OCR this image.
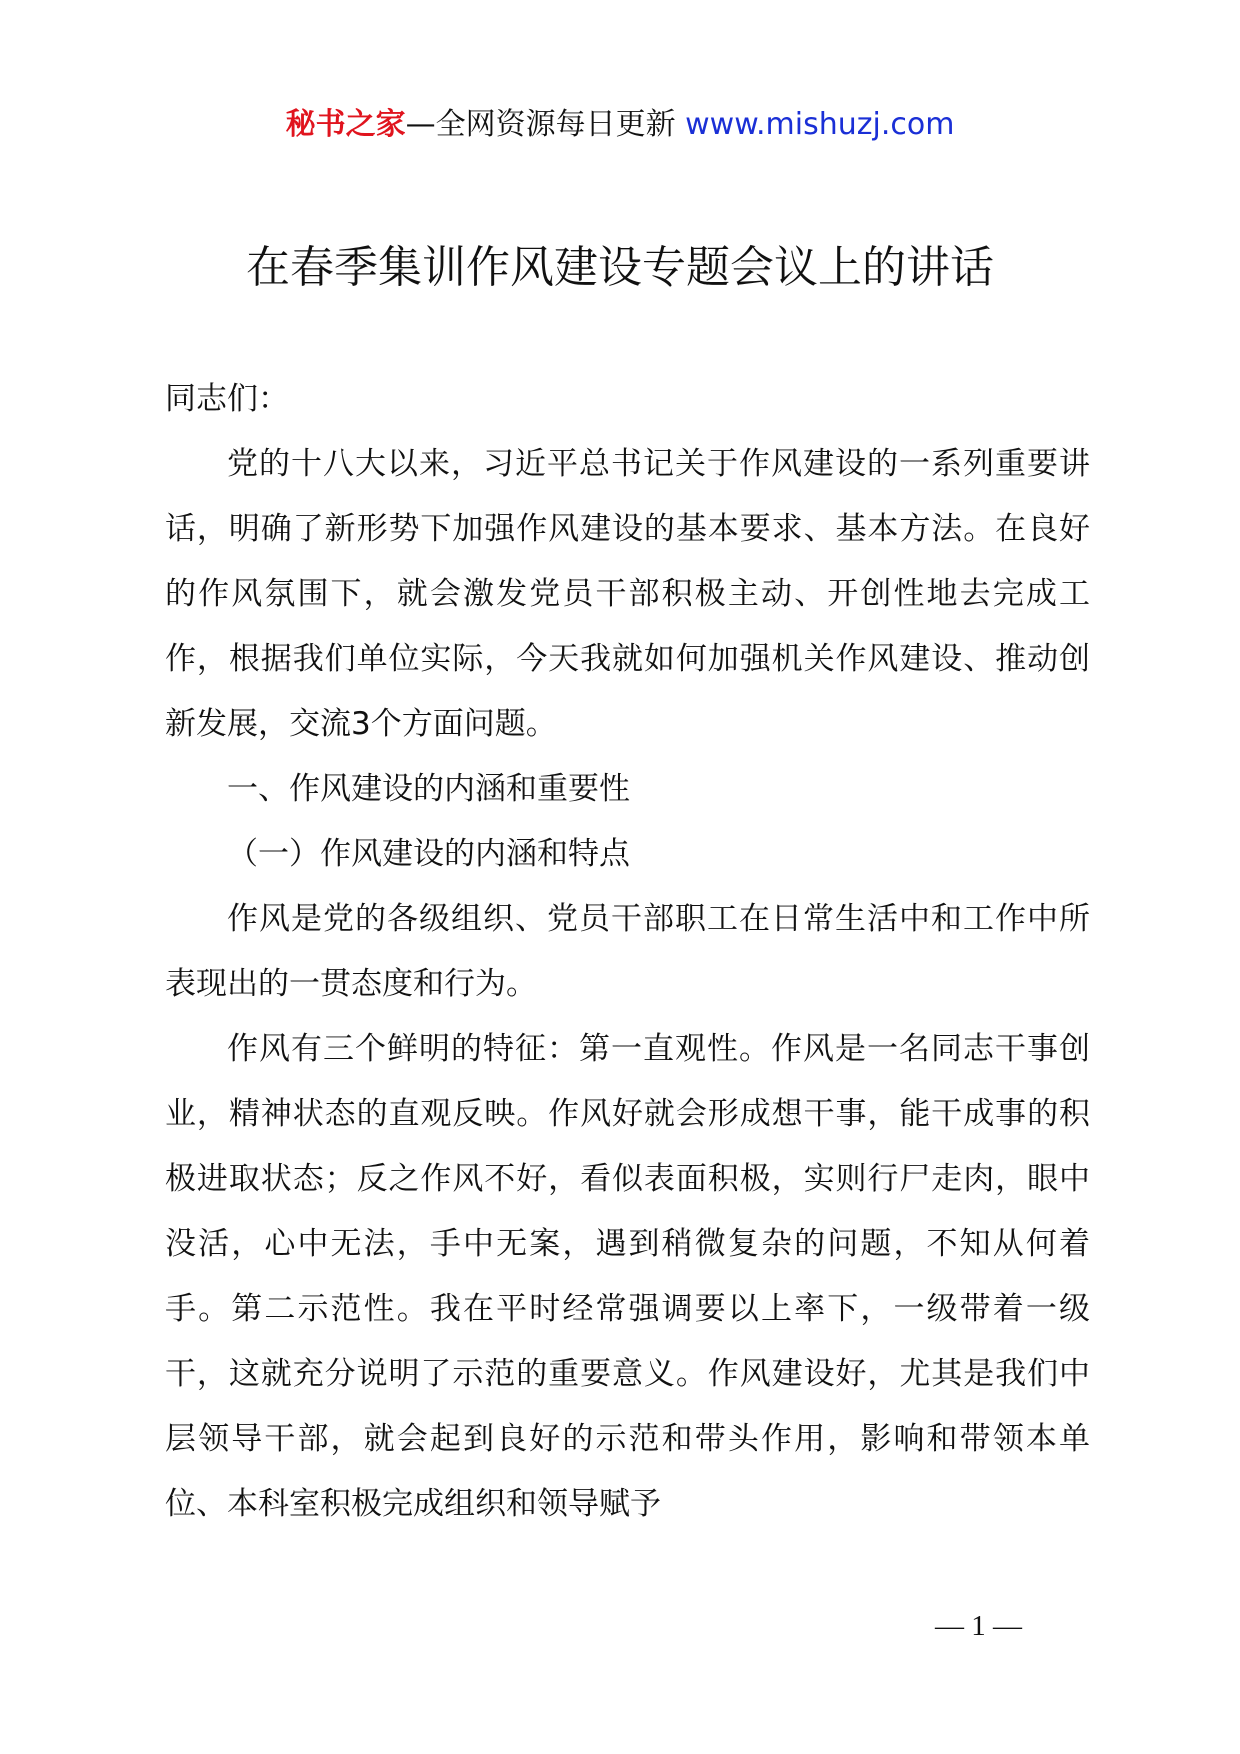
秘书之家—全网资源每日更新 www.mishuzj.com
在春季集训作风建设专题会议上的讲话

同志们：

党的十八大以来，习近平总书记关于作风建设的一系列重要讲话，明确了新形势下加强作风建设的基本要求、基本方法。在良好的作风氛围下，就会激发党员干部积极主动、开创性地去完成工作，根据我们单位实际，今天我就如何加强机关作风建设、推动创新发展，交流3个方面问题。

一、作风建设的内涵和重要性

（一）作风建设的内涵和特点

作风是党的各级组织、党员干部职工在日常生活中和工作中所表现出的一贯态度和行为。

作风有三个鲜明的特征：第一直观性。作风是一名同志干事创业，精神状态的直观反映。作风好就会形成想干事，能干成事的积极进取状态；反之作风不好，看似表面积极，实则行尸走肉，眼中没活，心中无法，手中无案，遇到稍微复杂的问题，不知从何着手。第二示范性。我在平时经常强调要以上率下，一级带着一级干，这就充分说明了示范的重要意义。作风建设好，尤其是我们中层领导干部，就会起到良好的示范和带头作用，影响和带领本单位、本科室积极完成组织和领导赋予

— 1 —
